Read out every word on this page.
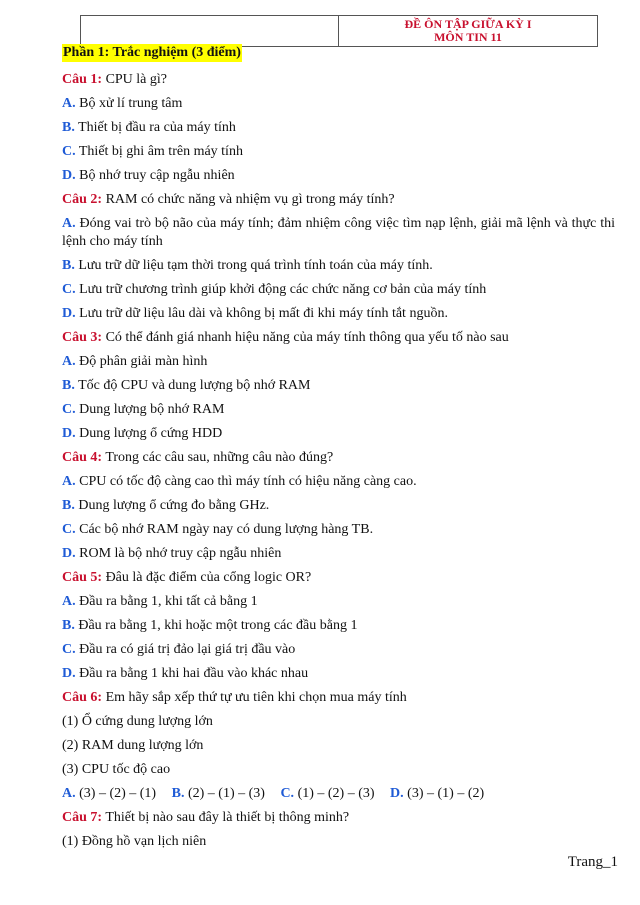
ĐỀ ÔN TẬP GIỮA KỲ I
MÔN TIN 11
Phần 1: Trắc nghiệm (3 điểm)
Câu 1: CPU là gì?
A. Bộ xử lí trung tâm
B. Thiết bị đầu ra của máy tính
C. Thiết bị ghi âm trên máy tính
D. Bộ nhớ truy cập ngẫu nhiên
Câu 2: RAM có chức năng và nhiệm vụ gì trong máy tính?
A. Đóng vai trò bộ não của máy tính; đảm nhiệm công việc tìm nạp lệnh, giải mã lệnh và thực thi lệnh cho máy tính
B. Lưu trữ dữ liệu tạm thời trong quá trình tính toán của máy tính.
C. Lưu trữ chương trình giúp khởi động các chức năng cơ bản của máy tính
D. Lưu trữ dữ liệu lâu dài và không bị mất đi khi máy tính tắt nguồn.
Câu 3: Có thể đánh giá nhanh hiệu năng của máy tính thông qua yếu tố nào sau
A. Độ phân giải màn hình
B. Tốc độ CPU và dung lượng bộ nhớ RAM
C. Dung lượng bộ nhớ RAM
D. Dung lượng ổ cứng HDD
Câu 4: Trong các câu sau, những câu nào đúng?
A. CPU có tốc độ càng cao thì máy tính có hiệu năng càng cao.
B. Dung lượng ổ cứng đo bằng GHz.
C. Các bộ nhớ RAM ngày nay có dung lượng hàng TB.
D. ROM là bộ nhớ truy cập ngẫu nhiên
Câu 5: Đâu là đặc điểm của cổng logic OR?
A. Đầu ra bằng 1, khi tất cả bằng 1
B. Đầu ra bằng 1, khi hoặc một trong các đầu bằng 1
C. Đầu ra có giá trị đảo lại giá trị đầu vào
D. Đầu ra bằng 1 khi hai đầu vào khác nhau
Câu 6: Em hãy sắp xếp thứ tự ưu tiên khi chọn mua máy tính
(1) Ổ cứng dung lượng lớn
(2) RAM dung lượng lớn
(3) CPU tốc độ cao
A. (3) – (2) – (1) B. (2) – (1) – (3) C. (1) – (2) – (3) D. (3) – (1) – (2)
Câu 7: Thiết bị nào sau đây là thiết bị thông minh?
(1) Đồng hồ vạn lịch niên
Trang_1
